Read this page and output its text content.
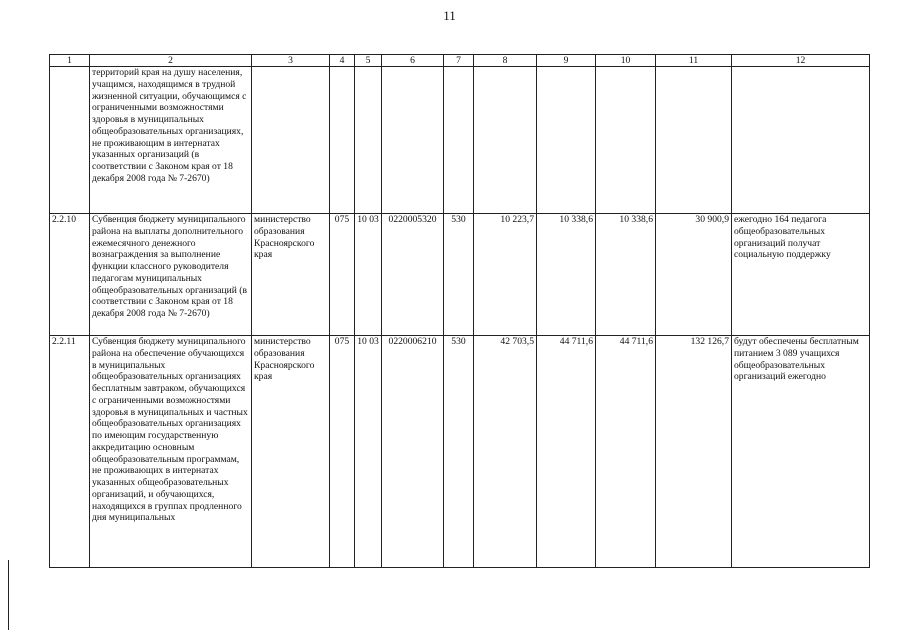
11
1	2	3	4	5	6	7	8	9	10	11	12
	территорий края на душу населения, учащимся, находящимся в трудной жизненной ситуации, обучающимся с ограниченными возможностями здоровья в муниципальных общеобразовательных организациях, не проживающим в интернатах указанных организаций (в соответствии с Законом края от 18 декабря 2008 года № 7-2670)										
2.2.10	Субвенция бюджету муниципального района на выплаты дополнительного ежемесячного денежного вознаграждения за выполнение функции классного руководителя педагогам муниципальных общеобразовательных организаций (в соответствии с Законом края от 18 декабря 2008 года № 7-2670)	министерство образования Красноярского края	075	10 03	0220005320	530	10 223,7	10 338,6	10 338,6	30 900,9	ежегодно 164 педагога общеобразовательных организаций получат социальную поддержку
2.2.11	Субвенция бюджету муниципального района на обеспечение обучающихся в муниципальных общеобразовательных организациях бесплатным завтраком, обучающихся с ограниченными возможностями здоровья в муниципальных и частных общеобразовательных организациях по имеющим государственную аккредитацию основным общеобразовательным программам, не проживающих в интернатах указанных общеобразовательных организаций, и обучающихся, находящихся в группах продленного дня муниципальных	министерство образования Красноярского края	075	10 03	0220006210	530	42 703,5	44 711,6	44 711,6	132 126,7	будут обеспечены бесплатным питанием 3 089 учащихся общеобразовательных организаций ежегодно
